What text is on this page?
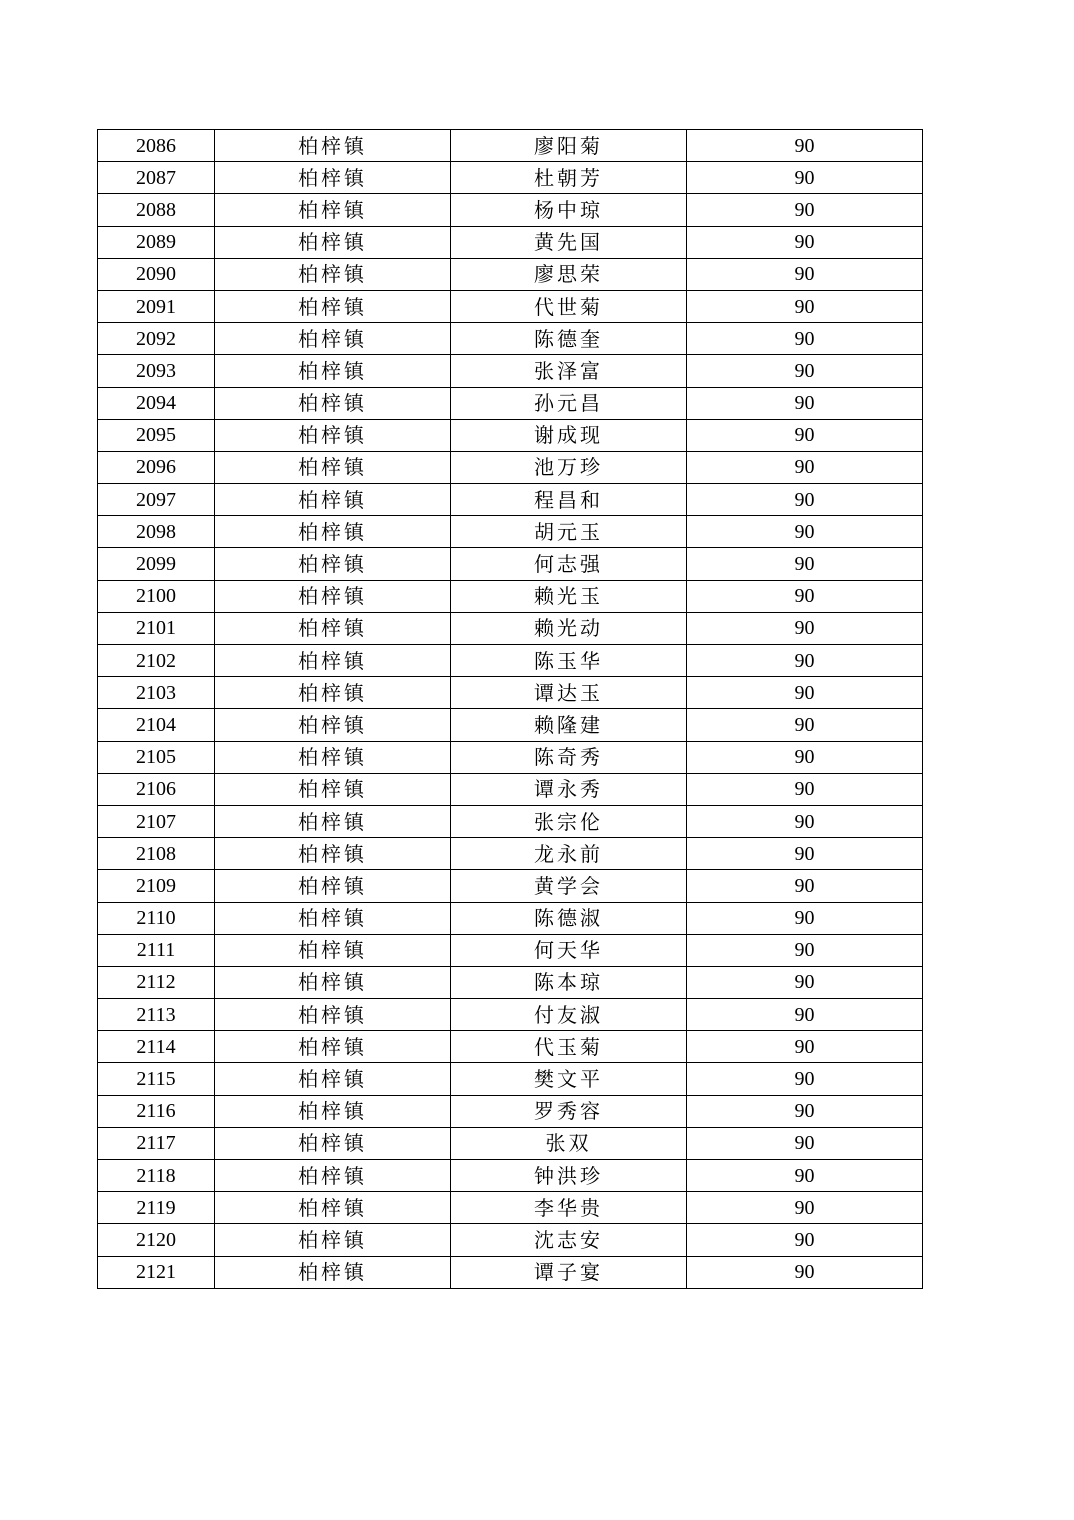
2086	柏梓镇	廖阳菊	90
2087	柏梓镇	杜朝芳	90
2088	柏梓镇	杨中琼	90
2089	柏梓镇	黄先国	90
2090	柏梓镇	廖思荣	90
2091	柏梓镇	代世菊	90
2092	柏梓镇	陈德奎	90
2093	柏梓镇	张泽富	90
2094	柏梓镇	孙元昌	90
2095	柏梓镇	谢成现	90
2096	柏梓镇	池万珍	90
2097	柏梓镇	程昌和	90
2098	柏梓镇	胡元玉	90
2099	柏梓镇	何志强	90
2100	柏梓镇	赖光玉	90
2101	柏梓镇	赖光动	90
2102	柏梓镇	陈玉华	90
2103	柏梓镇	谭达玉	90
2104	柏梓镇	赖隆建	90
2105	柏梓镇	陈奇秀	90
2106	柏梓镇	谭永秀	90
2107	柏梓镇	张宗伦	90
2108	柏梓镇	龙永前	90
2109	柏梓镇	黄学会	90
2110	柏梓镇	陈德淑	90
2111	柏梓镇	何天华	90
2112	柏梓镇	陈本琼	90
2113	柏梓镇	付友淑	90
2114	柏梓镇	代玉菊	90
2115	柏梓镇	樊文平	90
2116	柏梓镇	罗秀容	90
2117	柏梓镇	张双	90
2118	柏梓镇	钟洪珍	90
2119	柏梓镇	李华贵	90
2120	柏梓镇	沈志安	90
2121	柏梓镇	谭子宴	90
